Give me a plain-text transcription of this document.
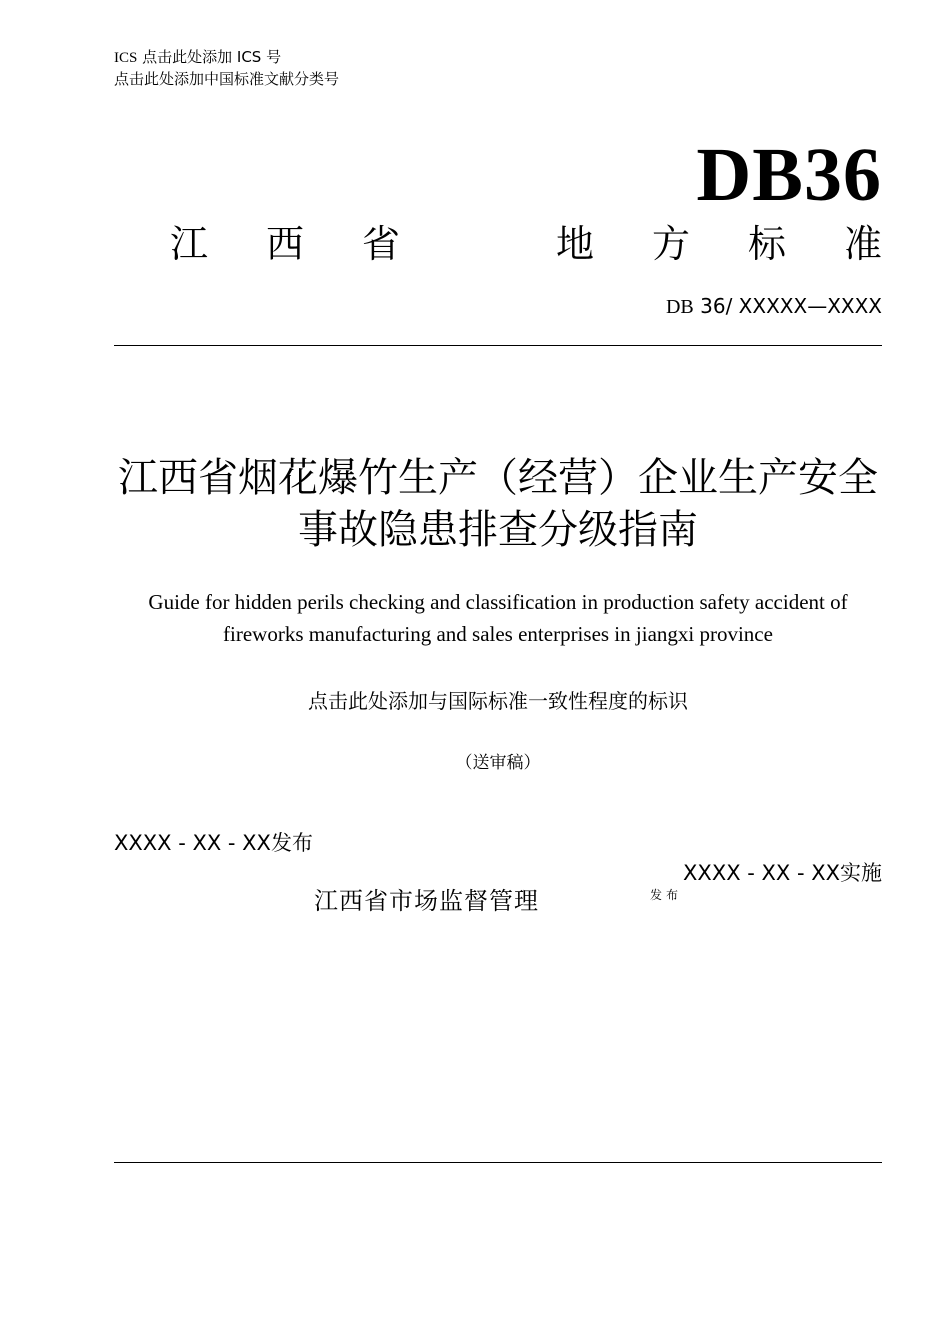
ICS 点击此处添加 ICS 号
点击此处添加中国标准文献分类号
DB36
江 西 省	地 方 标 准
DB 36/ XXXXX—XXXX
江西省烟花爆竹生产（经营）企业生产安全事故隐患排查分级指南
Guide for hidden perils checking and classification in production safety accident of fireworks manufacturing and sales enterprises in jiangxi province
点击此处添加与国际标准一致性程度的标识
（送审稿）
XXXX - XX - XX发布
XXXX - XX - XX实施
江西省市场监督管理	发布
